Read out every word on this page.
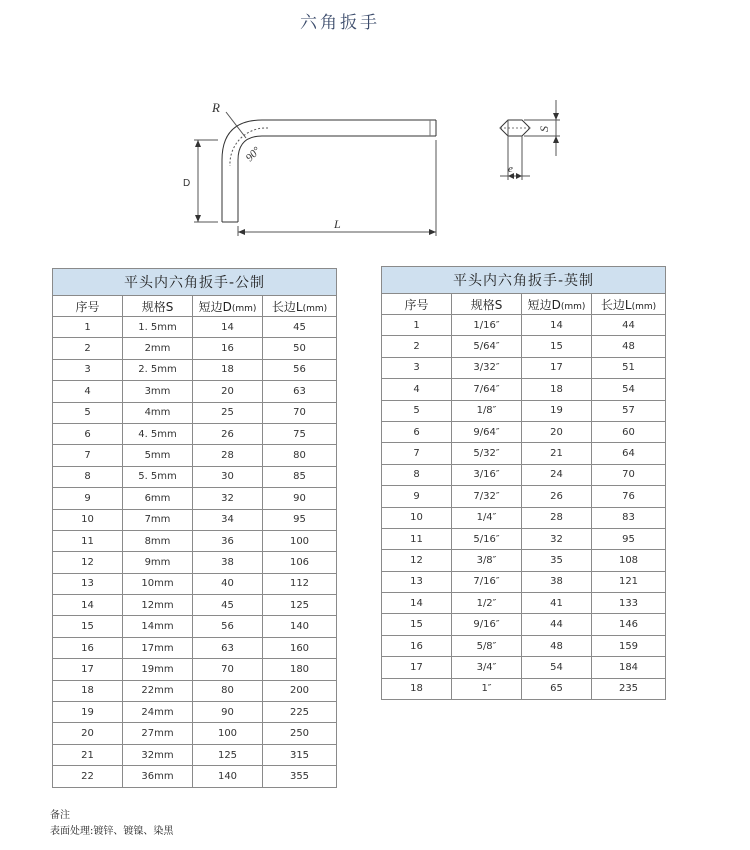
六角扳手
R
90°
D
L
S
e
平头内六角扳手-公制			
序号	规格S	短边D(mm)	长边L(mm)
1	1. 5mm	14	45
2	2mm	16	50
3	2. 5mm	18	56
4	3mm	20	63
5	4mm	25	70
6	4. 5mm	26	75
7	5mm	28	80
8	5. 5mm	30	85
9	6mm	32	90
10	7mm	34	95
11	8mm	36	100
12	9mm	38	106
13	10mm	40	112
14	12mm	45	125
15	14mm	56	140
16	17mm	63	160
17	19mm	70	180
18	22mm	80	200
19	24mm	90	225
20	27mm	100	250
21	32mm	125	315
22	36mm	140	355
平头内六角扳手-英制			
序号	规格S	短边D(mm)	长边L(mm)
1	1/16″	14	44
2	5/64″	15	48
3	3/32″	17	51
4	7/64″	18	54
5	1/8″	19	57
6	9/64″	20	60
7	5/32″	21	64
8	3/16″	24	70
9	7/32″	26	76
10	1/4″	28	83
11	5/16″	32	95
12	3/8″	35	108
13	7/16″	38	121
14	1/2″	41	133
15	9/16″	44	146
16	5/8″	48	159
17	3/4″	54	184
18	1″	65	235
备注
表面处理:镀锌、镀镍、染黑
